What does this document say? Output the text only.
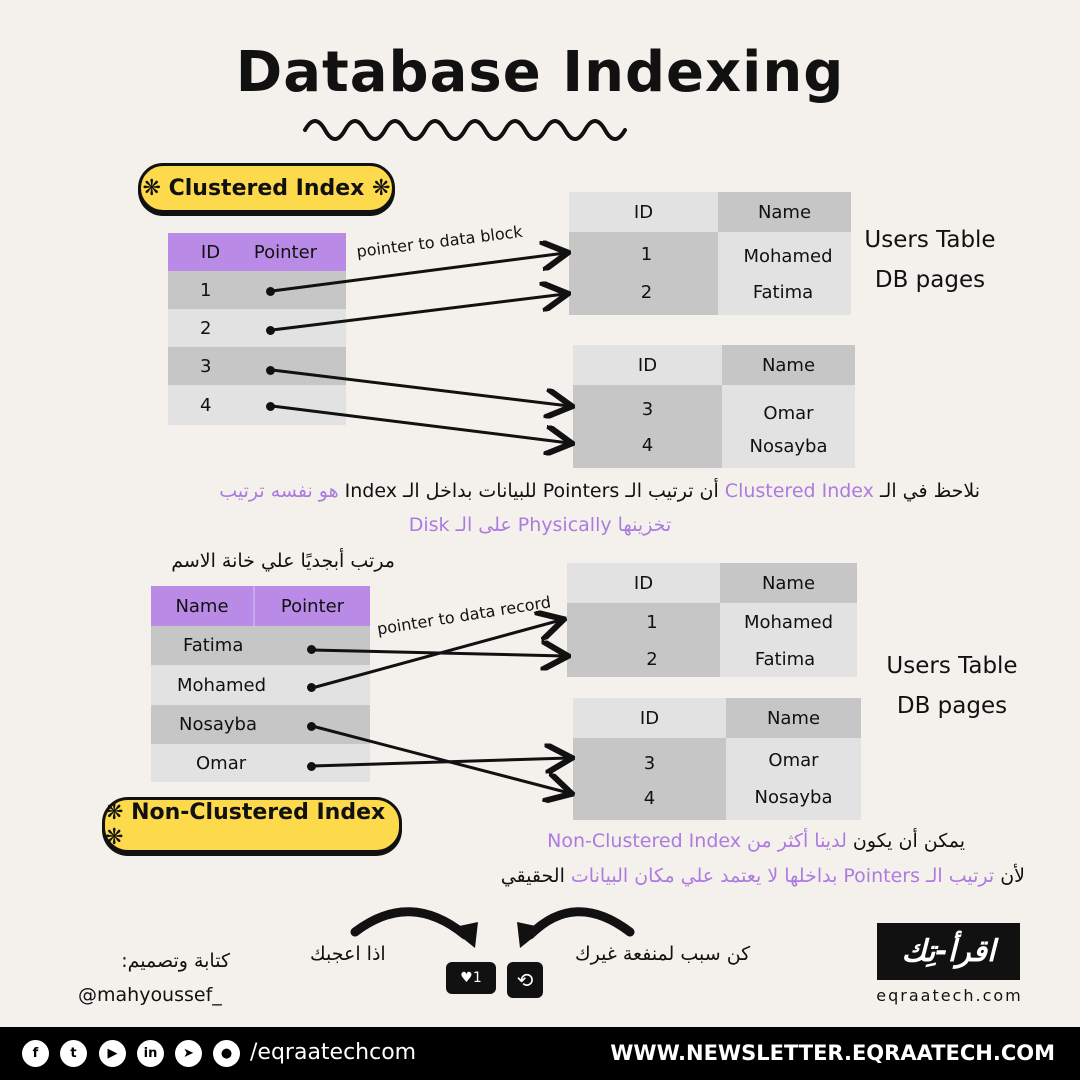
Database Indexing
❋ Clustered Index ❋
ID	Pointer
1
2
3
4
ID	Name
1	Mohamed
2	Fatima
ID	Name
3	Omar
4	Nosayba
Users Table
DB pages
pointer to data block
نلاحظ في الـ Clustered Index أن ترتيب الـ Pointers للبيانات بداخل الـ Index هو نفسه ترتيب
تخزينها Physically على الـ Disk
مرتب أبجديًا علي خانة الاسم
Name	Pointer
Fatima
Mohamed
Nosayba
Omar
ID	Name
1	Mohamed
2	Fatima
ID	Name
3	Omar
4	Nosayba
Users Table
DB pages
pointer to data record
❋ Non-Clustered Index ❋	يمكن أن يكون لدينا أكثر من Non-Clustered Index
لأن ترتيب الـ Pointers بداخلها لا يعتمد علي مكان البيانات الحقيقي
كتابة وتصميم:
@mahyoussef_
اذا اعجبك	كن سبب لمنفعة غيرك
♥ 1 ⟲
اقرأ-تِك
eqraatech.com
f	t	▶	in	➤	● /eqraatechcom	WWW.NEWSLETTER.EQRAATECH.COM
